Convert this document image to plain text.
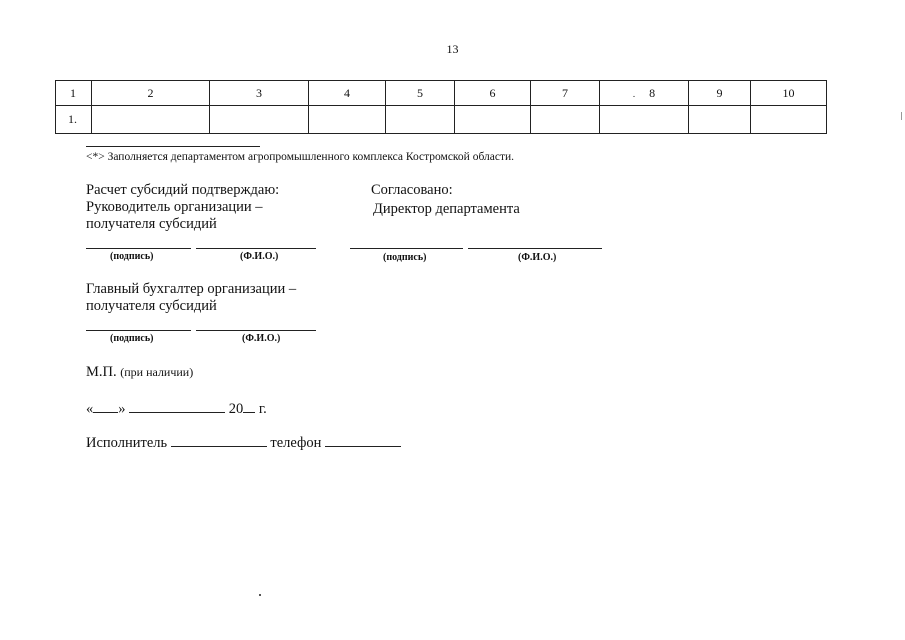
13
1	2	3	4	5	6	7	. 8	9	10
1.									
<*> Заполняется департаментом агропромышленного комплекса Костромской области.
Расчет субсидий подтверждаю:
Руководитель организации –
получателя субсидий
(подпись)	(Ф.И.О.)
Согласовано:
Директор департамента
(подпись)	(Ф.И.О.)
Главный бухгалтер организации –
получателя субсидий
(подпись)	(Ф.И.О.)
М.П. (при наличии)
« »	20 г.
Исполнитель	телефон
